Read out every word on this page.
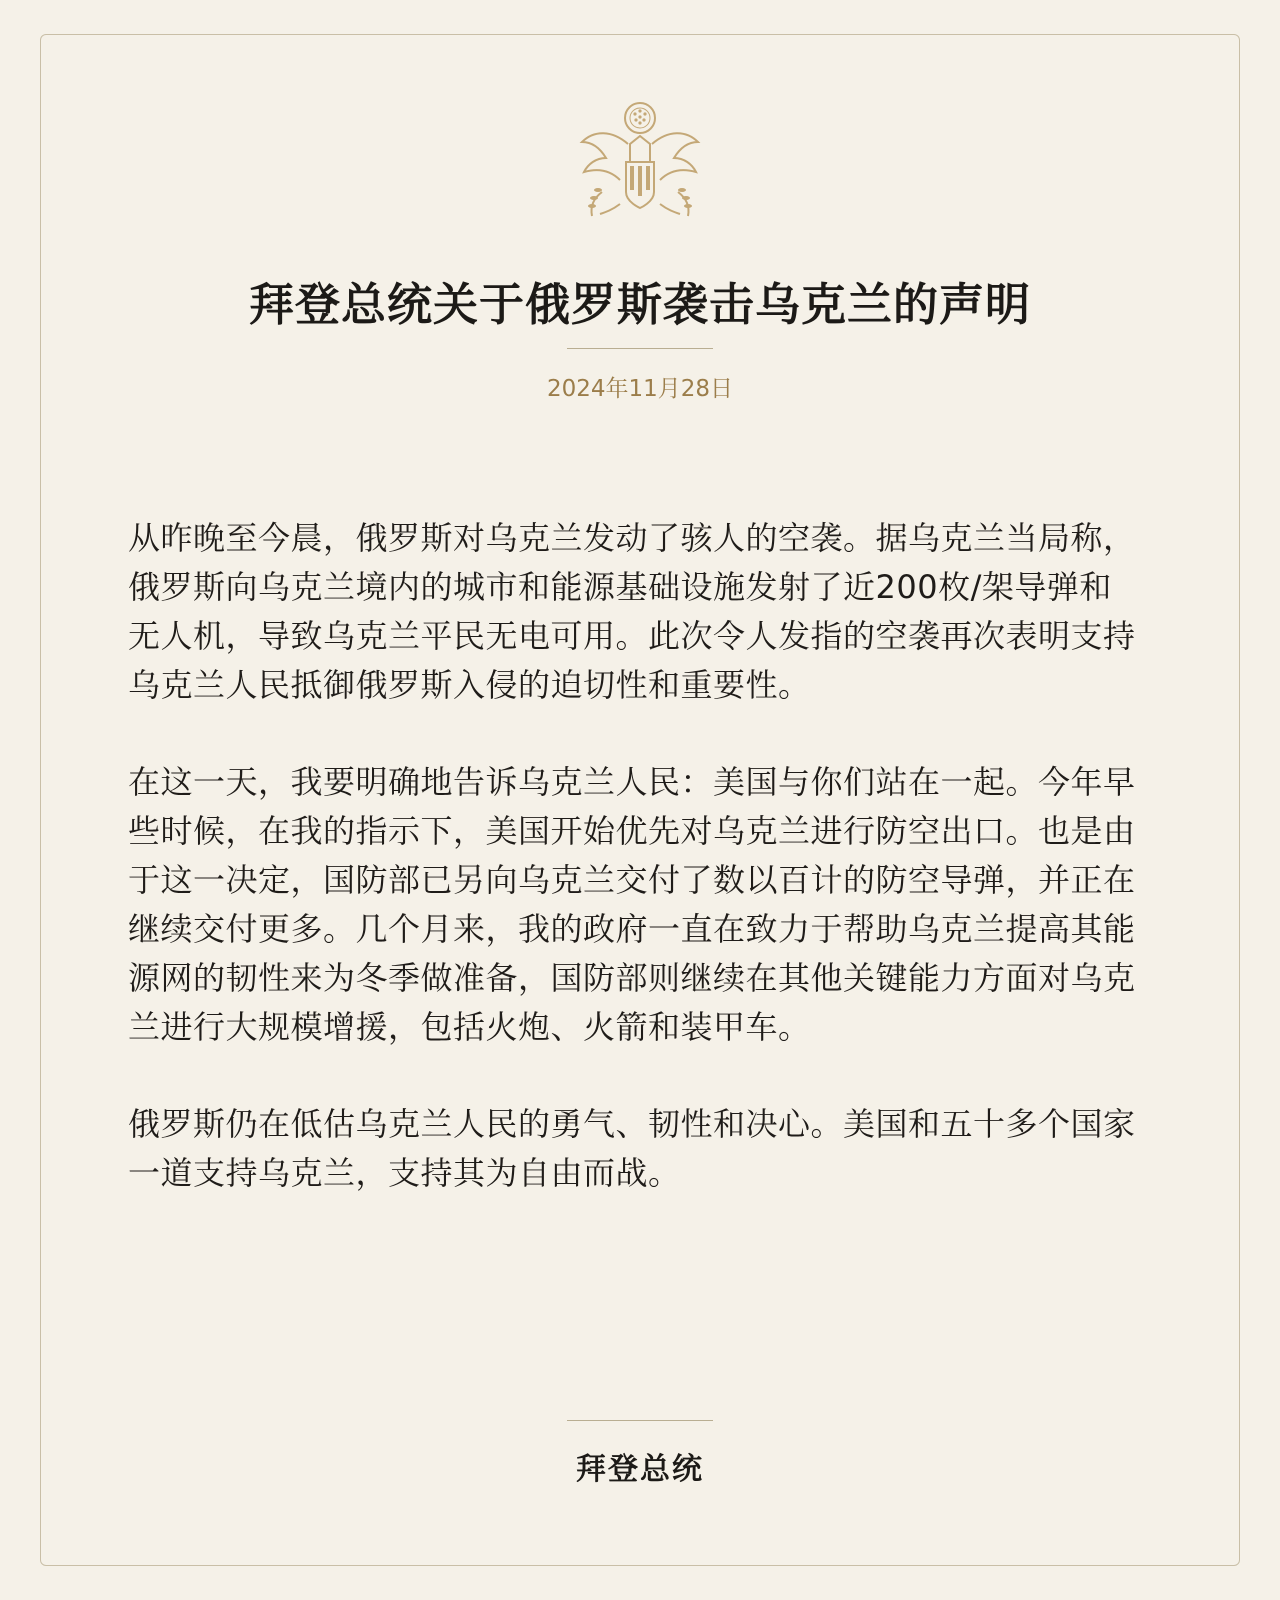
拜登总统关于俄罗斯袭击乌克兰的声明
2024年11月28日

从昨晚至今晨，俄罗斯对乌克兰发动了骇人的空袭。据乌克兰当局称，俄罗斯向乌克兰境内的城市和能源基础设施发射了近200枚/架导弹和无人机，导致乌克兰平民无电可用。此次令人发指的空袭再次表明支持乌克兰人民抵御俄罗斯入侵的迫切性和重要性。

在这一天，我要明确地告诉乌克兰人民：美国与你们站在一起。今年早些时候，在我的指示下，美国开始优先对乌克兰进行防空出口。也是由于这一决定，国防部已另向乌克兰交付了数以百计的防空导弹，并正在继续交付更多。几个月来，我的政府一直在致力于帮助乌克兰提高其能源网的韧性来为冬季做准备，国防部则继续在其他关键能力方面对乌克兰进行大规模增援，包括火炮、火箭和装甲车。

俄罗斯仍在低估乌克兰人民的勇气、韧性和决心。美国和五十多个国家一道支持乌克兰，支持其为自由而战。

拜登总统
